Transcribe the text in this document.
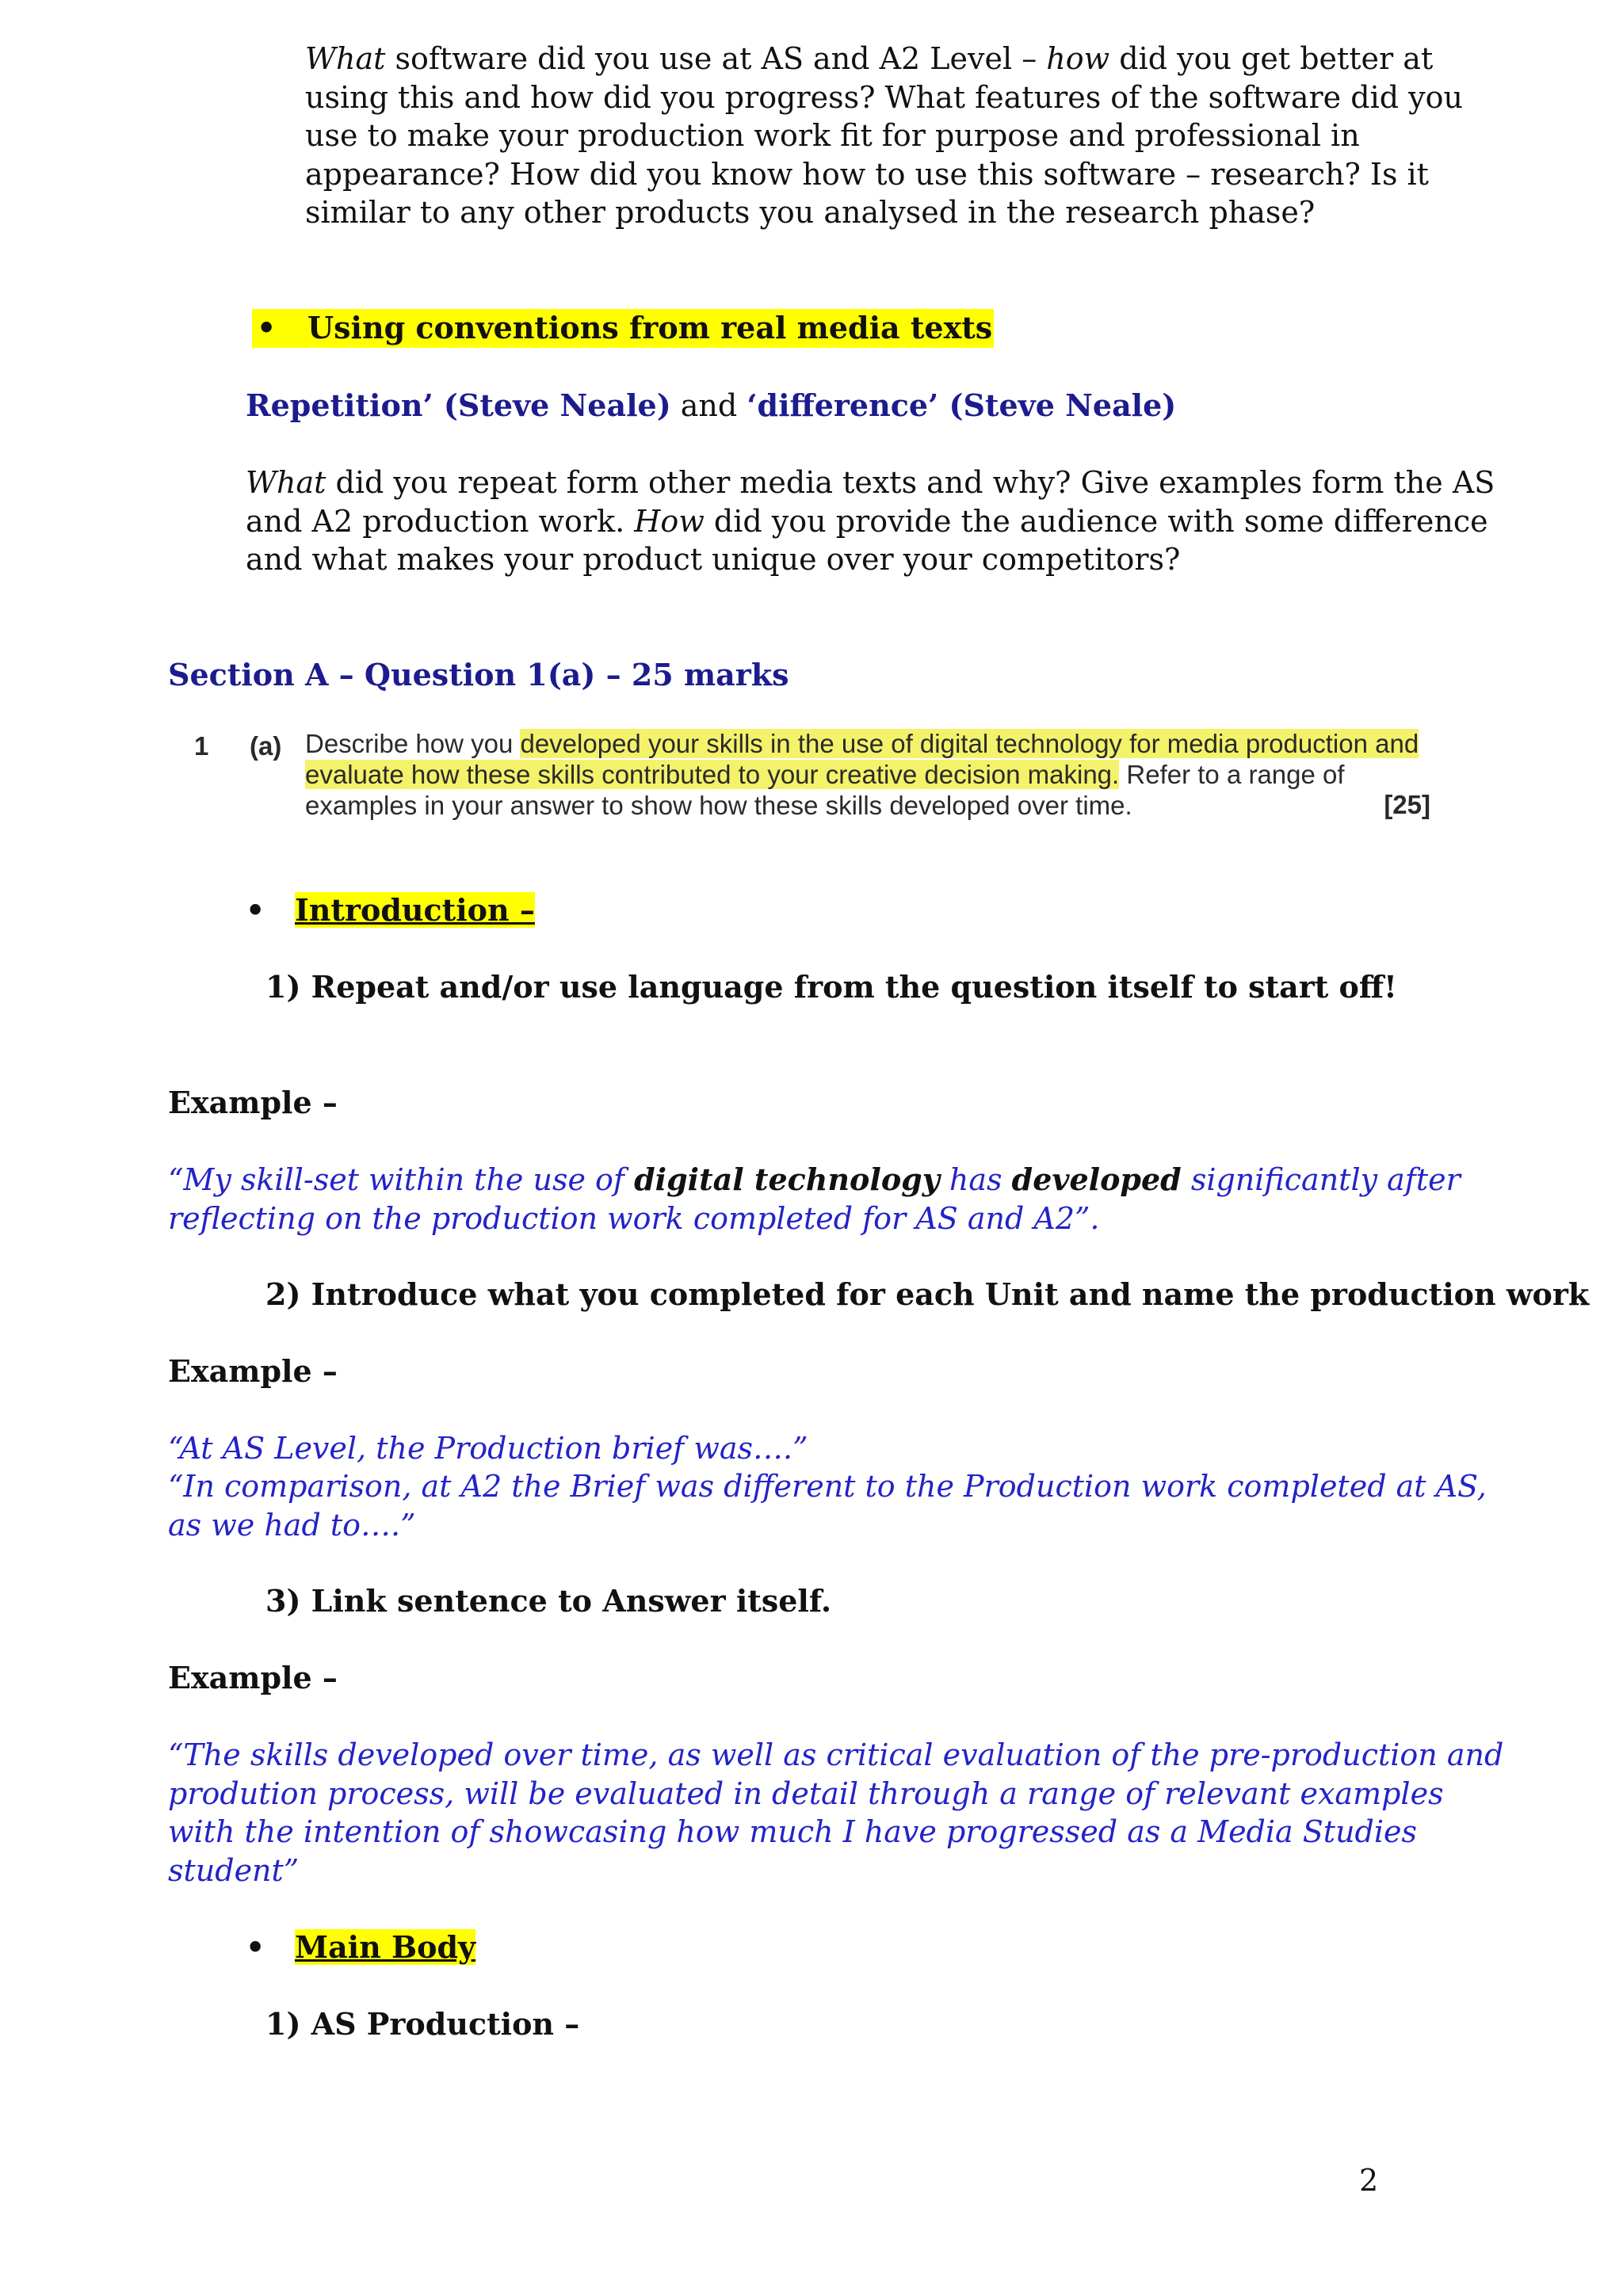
What software did you use at AS and A2 Level – how did you get better at using this and how did you progress? What features of the software did you use to make your production work fit for purpose and professional in appearance? How did you know how to use this software – research? Is it similar to any other products you analysed in the research phase?

• Using conventions from real media texts

Repetition’ (Steve Neale) and ‘difference’ (Steve Neale)

What did you repeat form other media texts and why? Give examples form the AS and A2 production work. How did you provide the audience with some difference and what makes your product unique over your competitors?

Section A – Question 1(a) – 25 marks

1 (a) Describe how you developed your skills in the use of digital technology for media production and evaluate how these skills contributed to your creative decision making. Refer to a range of examples in your answer to show how these skills developed over time.	[25]
• Introduction –

1) Repeat and/or use language from the question itself to start off!

Example –

“My skill-set within the use of digital technology has developed significantly after reflecting on the production work completed for AS and A2”.

2) Introduce what you completed for each Unit and name the production work

Example –

“At AS Level, the Production brief was….”

“In comparison, at A2 the Brief was different to the Production work completed at AS, as we had to….”

3) Link sentence to Answer itself.

Example –

“The skills developed over time, as well as critical evaluation of the pre-production and prodution process, will be evaluated in detail through a range of relevant examples with the intention of showcasing how much I have progressed as a Media Studies student”

• Main Body

1) AS Production –

2
